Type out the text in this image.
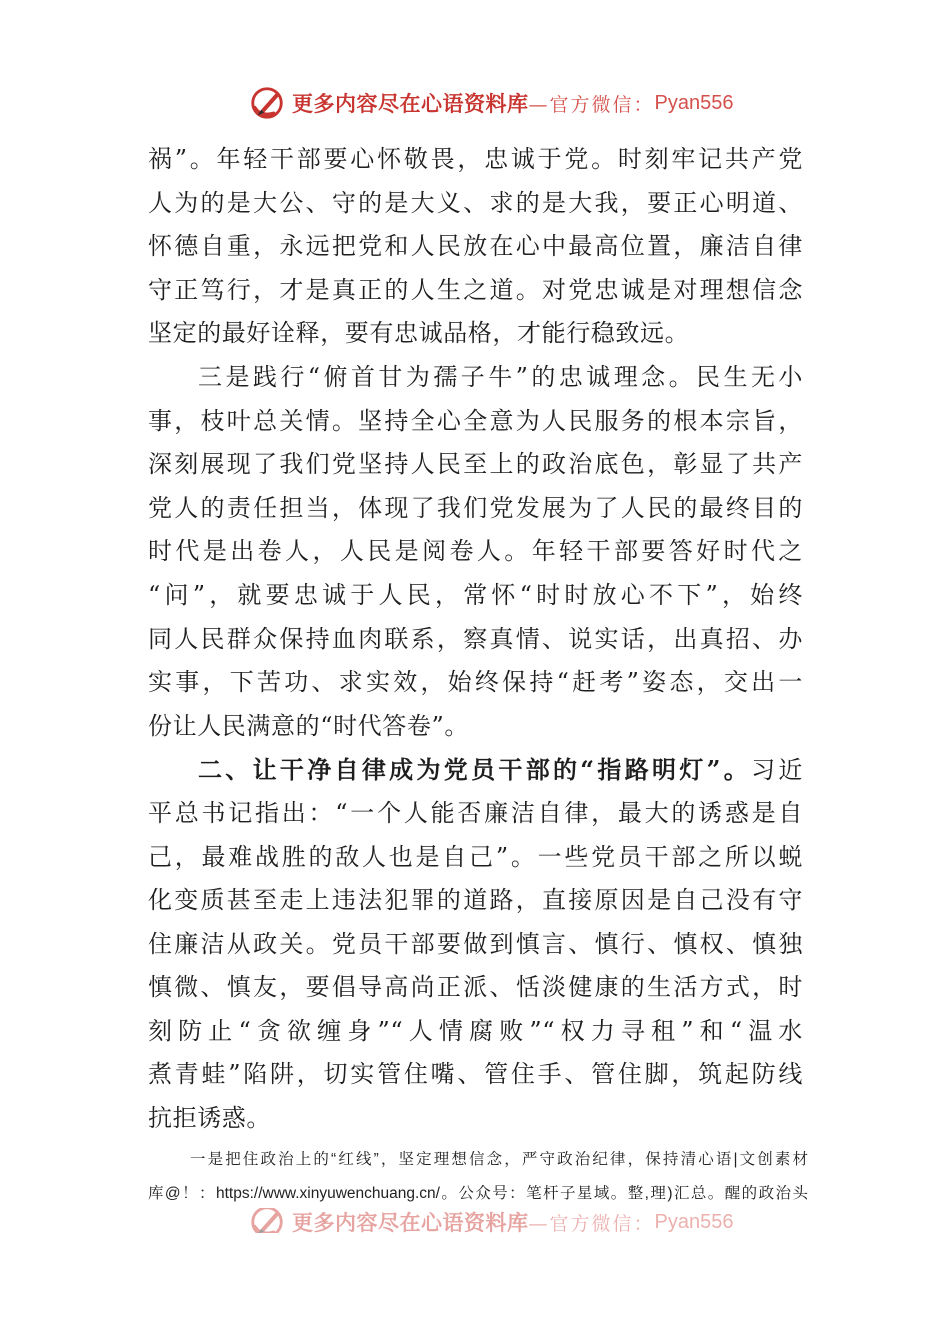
更多内容尽在心语资料库 —官方微信： Pyan556
祸”。年轻干部要心怀敬畏，忠诚于党。时刻牢记共产党
人为的是大公、守的是大义、求的是大我，要正心明道、
怀德自重，永远把党和人民放在心中最高位置，廉洁自律
守正笃行，才是真正的人生之道。对党忠诚是对理想信念
坚定的最好诠释，要有忠诚品格，才能行稳致远。
三是践行“俯首甘为孺子牛”的忠诚理念。民生无小
事，枝叶总关情。坚持全心全意为人民服务的根本宗旨，
深刻展现了我们党坚持人民至上的政治底色，彰显了共产
党人的责任担当，体现了我们党发展为了人民的最终目的
时代是出卷人，人民是阅卷人。年轻干部要答好时代之
“问”，就要忠诚于人民，常怀“时时放心不下”，始终
同人民群众保持血肉联系，察真情、说实话，出真招、办
实事，下苦功、求实效，始终保持“赶考”姿态，交出一
份让人民满意的“时代答卷”。
二、让干净自律成为党员干部的“指路明灯”。习近
平总书记指出：“一个人能否廉洁自律，最大的诱惑是自
己，最难战胜的敌人也是自己”。一些党员干部之所以蜕
化变质甚至走上违法犯罪的道路，直接原因是自己没有守
住廉洁从政关。党员干部要做到慎言、慎行、慎权、慎独
慎微、慎友，要倡导高尚正派、恬淡健康的生活方式，时
刻防止“贪欲缠身”“人情腐败”“权力寻租”和“温水
煮青蛙”陷阱，切实管住嘴、管住手、管住脚，筑起防线
抗拒诱惑。
一是把住政治上的“红线”，坚定理想信念，严守政治纪律，保持清心语|文创素材
库@！：https://www.xinyuwenchuang.cn/。公众号：笔杆子星域。整,理)汇总。醒的政治头
更多内容尽在心语资料库 —官方微信： Pyan556
